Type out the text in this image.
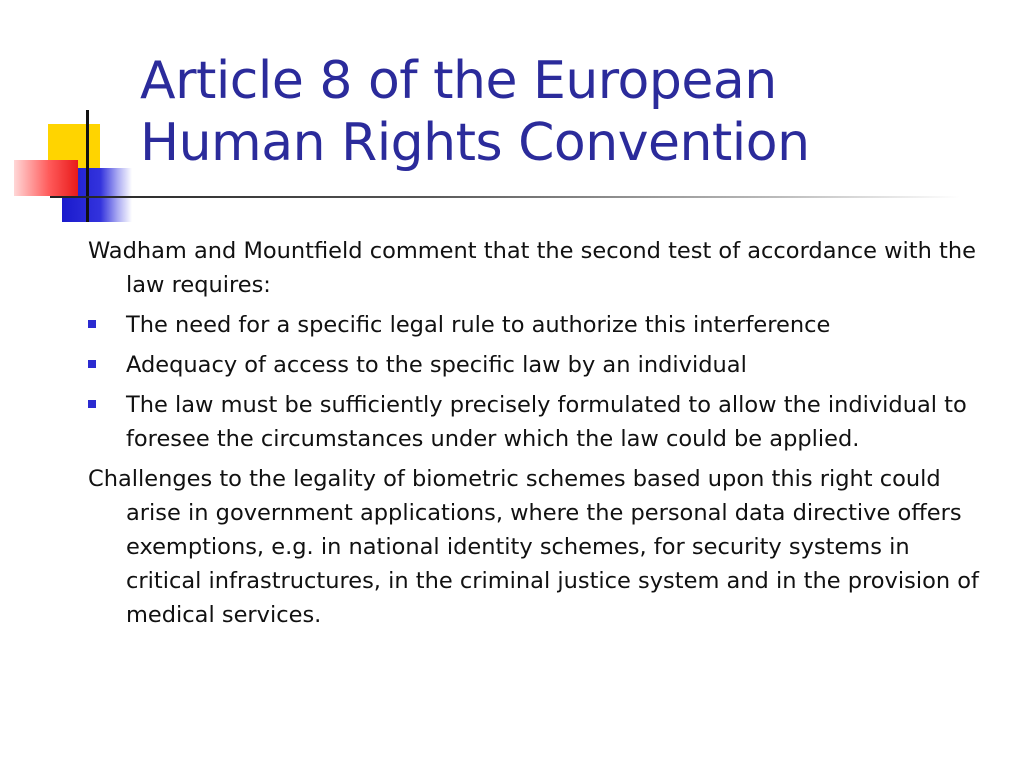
Article 8 of the European
Human Rights Convention

Wadham and Mountfield comment that the second test of accordance with the law requires:

The need for a specific legal rule to authorize this interference
Adequacy of access to the specific law by an individual
The law must be sufficiently precisely formulated to allow the individual to foresee the circumstances under which the law could be applied.

Challenges to the legality of biometric schemes based upon this right could arise in government applications, where the personal data directive offers exemptions, e.g. in national identity schemes, for security systems in critical infrastructures, in the criminal justice system and in the provision of medical services.
